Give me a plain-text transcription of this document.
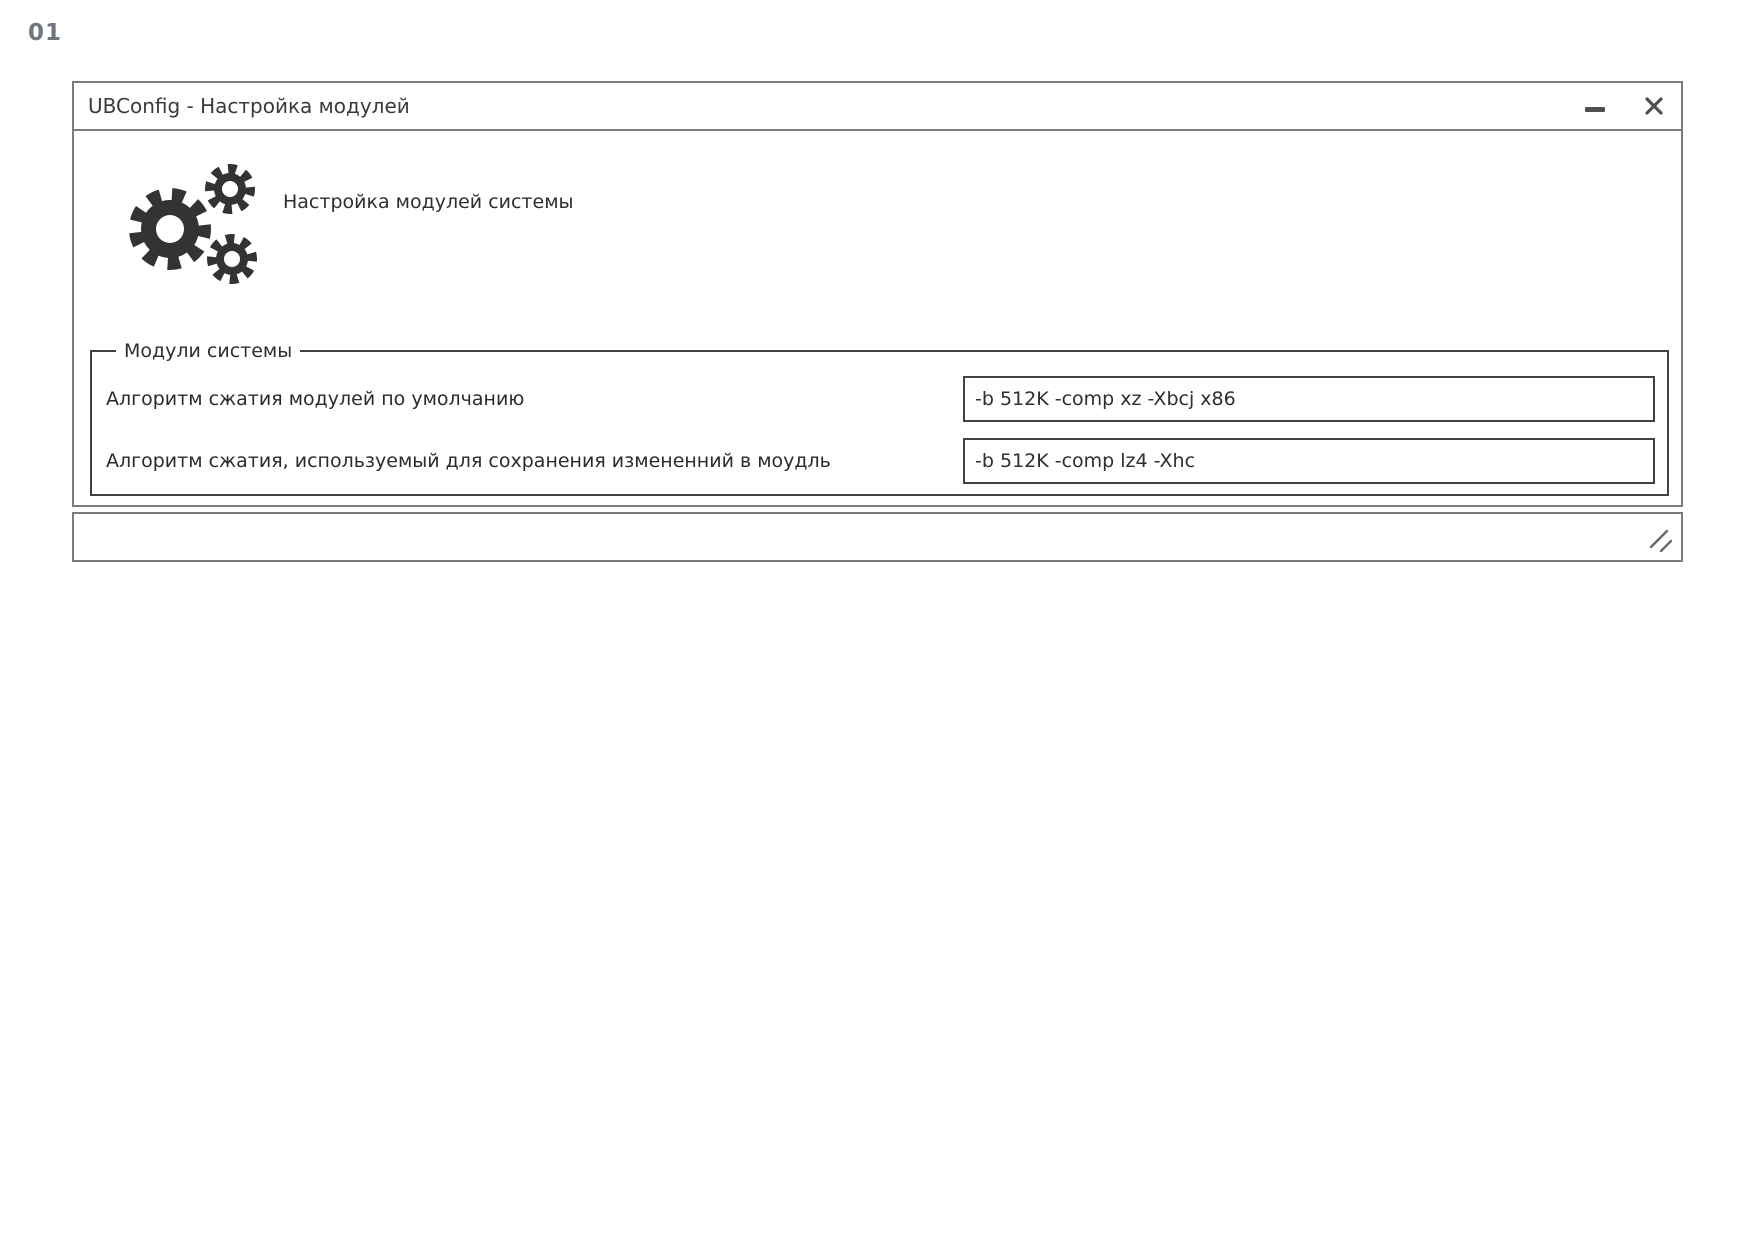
01
UBConfig - Настройка модулей
Настройка модулей системы
Модули системы
Алгоритм сжатия модулей по умолчанию
-b 512K -comp xz -Xbcj x86
Алгоритм сжатия, используемый для сохранения измененний в моудль
-b 512K -comp lz4 -Xhc
